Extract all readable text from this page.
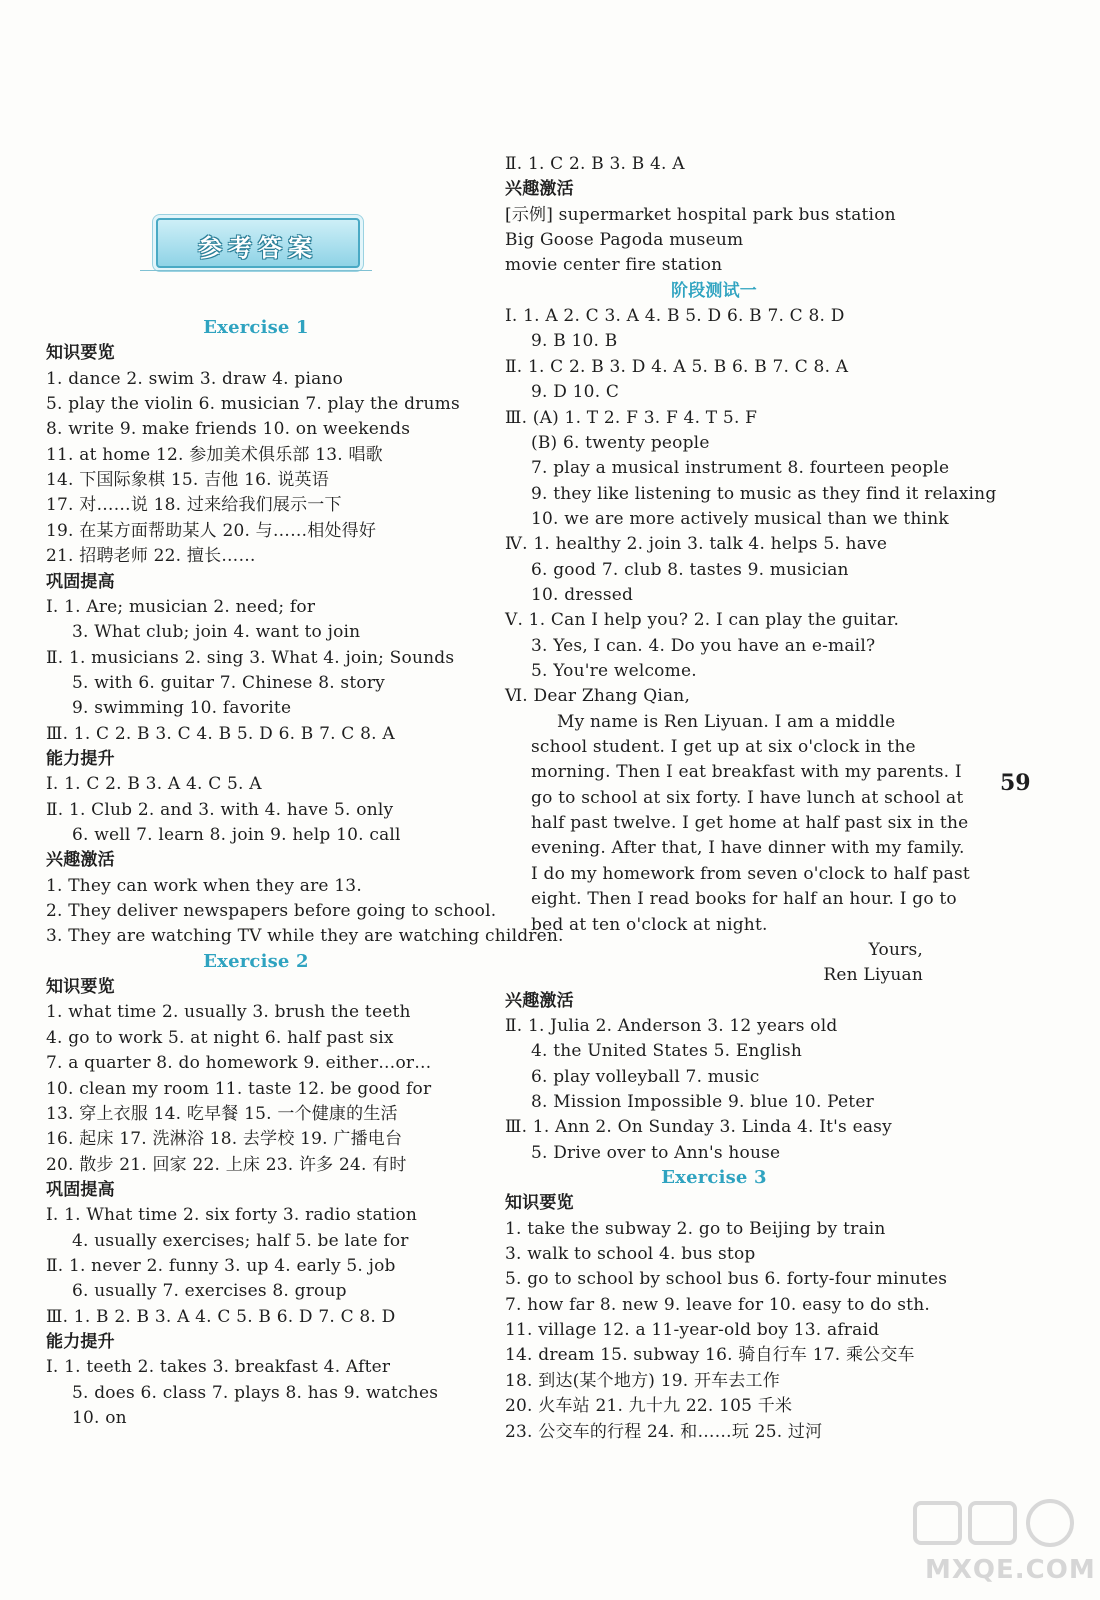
参考答案
Exercise 1
知识要览
1. dance 2. swim 3. draw 4. piano
5. play the violin 6. musician 7. play the drums
8. write 9. make friends 10. on weekends
11. at home 12. 参加美术俱乐部 13. 唱歌
14. 下国际象棋 15. 吉他 16. 说英语
17. 对……说 18. 过来给我们展示一下
19. 在某方面帮助某人 20. 与……相处得好
21. 招聘老师 22. 擅长……
巩固提高
Ⅰ. 1. Are; musician 2. need; for
3. What club; join 4. want to join
Ⅱ. 1. musicians 2. sing 3. What 4. join; Sounds
5. with 6. guitar 7. Chinese 8. story
9. swimming 10. favorite
Ⅲ. 1. C 2. B 3. C 4. B 5. D 6. B 7. C 8. A
能力提升
Ⅰ. 1. C 2. B 3. A 4. C 5. A
Ⅱ. 1. Club 2. and 3. with 4. have 5. only
6. well 7. learn 8. join 9. help 10. call
兴趣激活
1. They can work when they are 13.
2. They deliver newspapers before going to school.
3. They are watching TV while they are watching children.
Exercise 2
知识要览
1. what time 2. usually 3. brush the teeth
4. go to work 5. at night 6. half past six
7. a quarter 8. do homework 9. either…or…
10. clean my room 11. taste 12. be good for
13. 穿上衣服 14. 吃早餐 15. 一个健康的生活
16. 起床 17. 洗淋浴 18. 去学校 19. 广播电台
20. 散步 21. 回家 22. 上床 23. 许多 24. 有时
巩固提高
Ⅰ. 1. What time 2. six forty 3. radio station
4. usually exercises; half 5. be late for
Ⅱ. 1. never 2. funny 3. up 4. early 5. job
6. usually 7. exercises 8. group
Ⅲ. 1. B 2. B 3. A 4. C 5. B 6. D 7. C 8. D
能力提升
Ⅰ. 1. teeth 2. takes 3. breakfast 4. After
5. does 6. class 7. plays 8. has 9. watches
10. on
Ⅱ. 1. C 2. B 3. B 4. A
兴趣激活
[示例] supermarket hospital park bus station
Big Goose Pagoda museum
movie center fire station
阶段测试一
Ⅰ. 1. A 2. C 3. A 4. B 5. D 6. B 7. C 8. D
9. B 10. B
Ⅱ. 1. C 2. B 3. D 4. A 5. B 6. B 7. C 8. A
9. D 10. C
Ⅲ. (A) 1. T 2. F 3. F 4. T 5. F
(B) 6. twenty people
7. play a musical instrument 8. fourteen people
9. they like listening to music as they find it relaxing
10. we are more actively musical than we think
Ⅳ. 1. healthy 2. join 3. talk 4. helps 5. have
6. good 7. club 8. tastes 9. musician
10. dressed
Ⅴ. 1. Can I help you? 2. I can play the guitar.
3. Yes, I can. 4. Do you have an e-mail?
5. You're welcome.
Ⅵ. Dear Zhang Qian,
My name is Ren Liyuan. I am a middle
school student. I get up at six o'clock in the
morning. Then I eat breakfast with my parents. I
go to school at six forty. I have lunch at school at
half past twelve. I get home at half past six in the
evening. After that, I have dinner with my family.
I do my homework from seven o'clock to half past
eight. Then I read books for half an hour. I go to
bed at ten o'clock at night.
Yours,
Ren Liyuan
兴趣激活
Ⅱ. 1. Julia 2. Anderson 3. 12 years old
4. the United States 5. English
6. play volleyball 7. music
8. Mission Impossible 9. blue 10. Peter
Ⅲ. 1. Ann 2. On Sunday 3. Linda 4. It's easy
5. Drive over to Ann's house
Exercise 3
知识要览
1. take the subway 2. go to Beijing by train
3. walk to school 4. bus stop
5. go to school by school bus 6. forty-four minutes
7. how far 8. new 9. leave for 10. easy to do sth.
11. village 12. a 11-year-old boy 13. afraid
14. dream 15. subway 16. 骑自行车 17. 乘公交车
18. 到达(某个地方) 19. 开车去工作
20. 火车站 21. 九十九 22. 105 千米
23. 公交车的行程 24. 和……玩 25. 过河
59
MXQE.COM
